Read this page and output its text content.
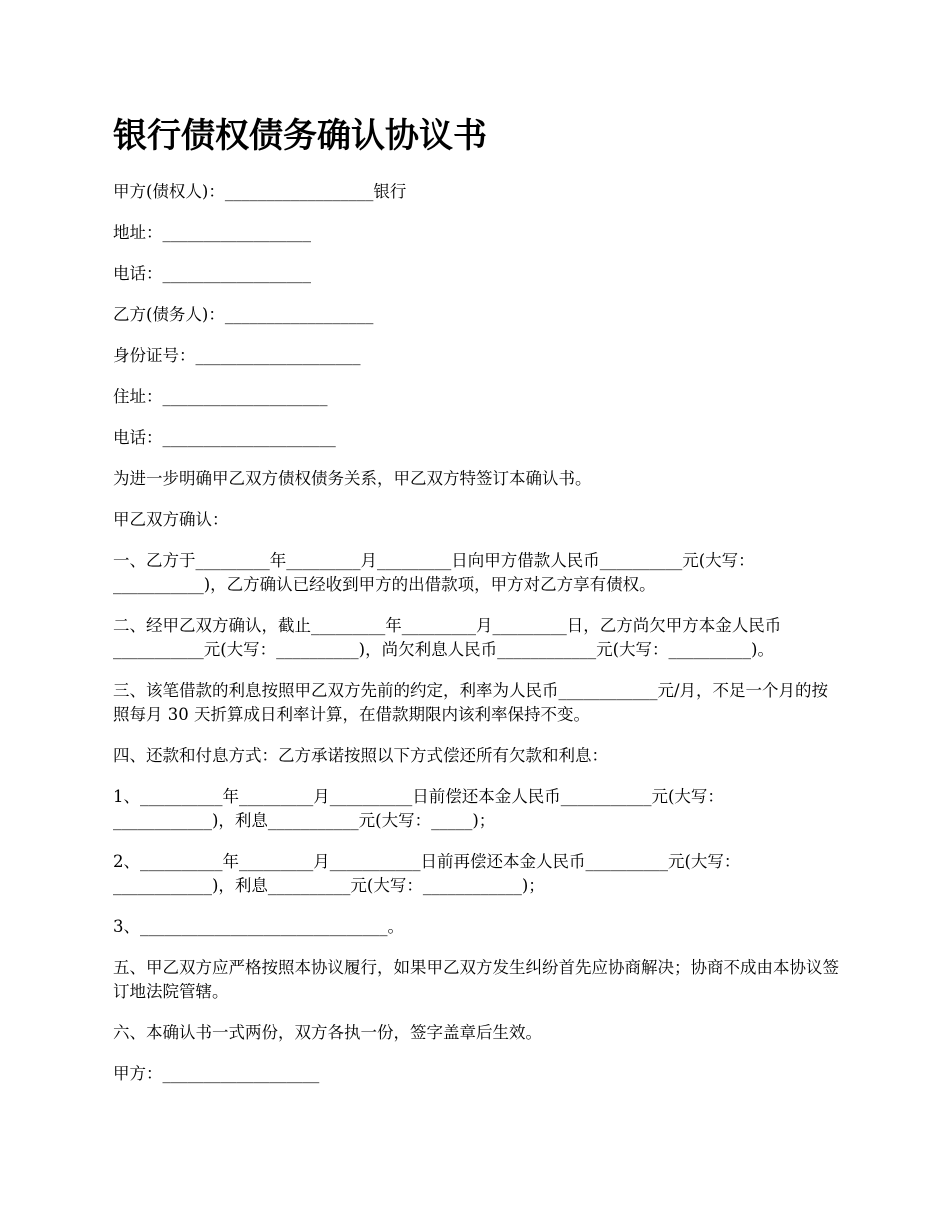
银行债权债务确认协议书

甲方(债权人)：__________________银行

地址：__________________

电话：__________________

乙方(债务人)：__________________

身份证号：____________________

住址：____________________

电话：_____________________

为进一步明确甲乙双方债权债务关系，甲乙双方特签订本确认书。

甲乙双方确认：

一、乙方于_________年_________月_________日向甲方借款人民币__________元(大写：___________)，乙方确认已经收到甲方的出借款项，甲方对乙方享有债权。

二、经甲乙双方确认，截止_________年_________月_________日，乙方尚欠甲方本金人民币___________元(大写：__________)，尚欠利息人民币____________元(大写：__________)。

三、该笔借款的利息按照甲乙双方先前的约定，利率为人民币____________元/月，不足一个月的按照每月 30 天折算成日利率计算，在借款期限内该利率保持不变。

四、还款和付息方式：乙方承诺按照以下方式偿还所有欠款和利息：

1、__________年_________月__________日前偿还本金人民币___________元(大写：____________)，利息___________元(大写：_____)；

2、__________年_________月___________日前再偿还本金人民币__________元(大写：____________)，利息__________元(大写：____________)；

3、______________________________。

五、甲乙双方应严格按照本协议履行，如果甲乙双方发生纠纷首先应协商解决；协商不成由本协议签订地法院管辖。

六、本确认书一式两份，双方各执一份，签字盖章后生效。

甲方：___________________
